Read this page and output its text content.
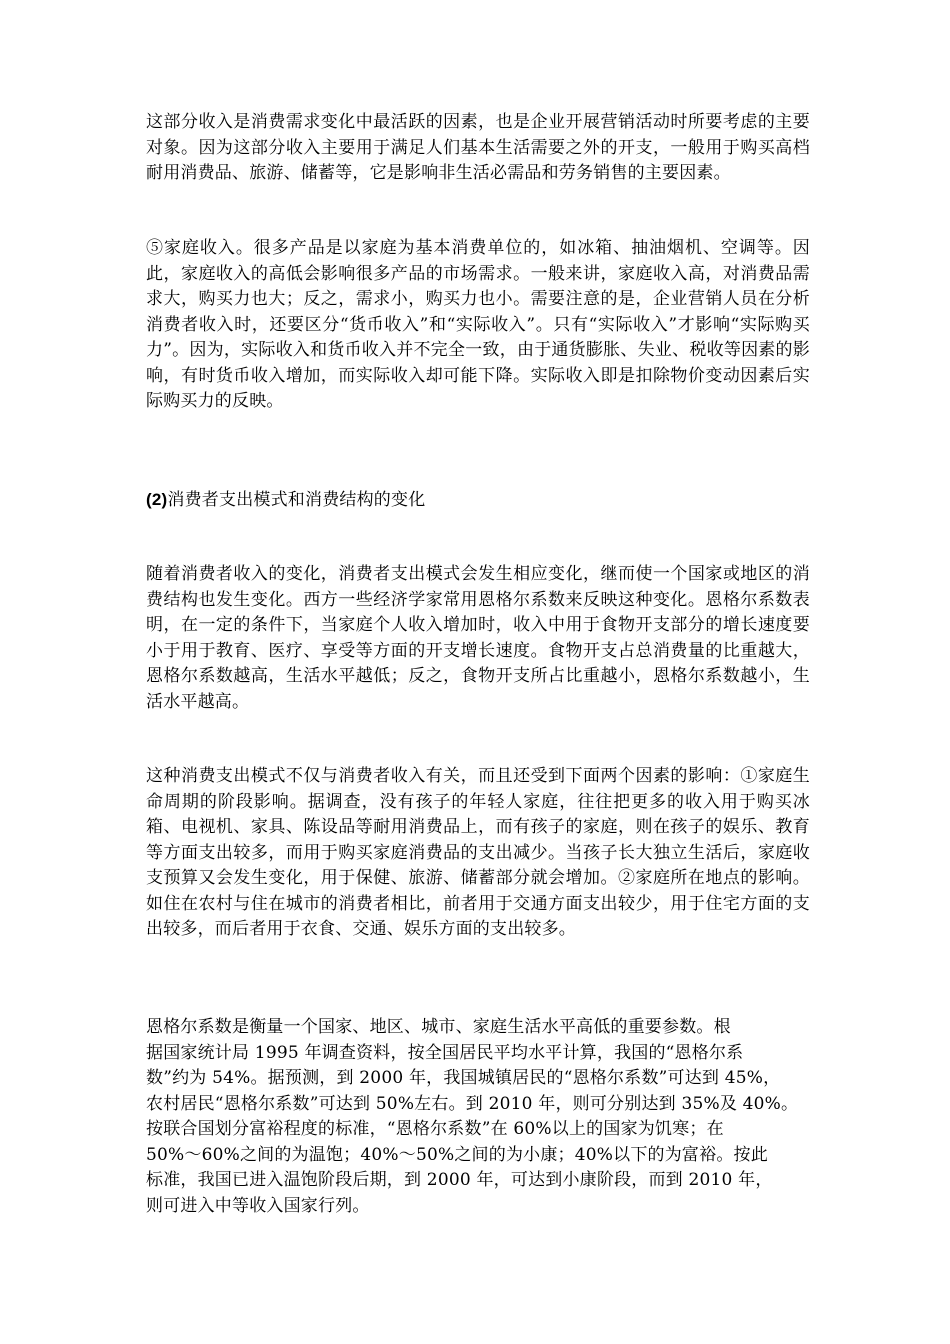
这部分收入是消费需求变化中最活跃的因素，也是企业开展营销活动时所要考虑的主要对象。因为这部分收入主要用于满足人们基本生活需要之外的开支，一般用于购买高档耐用消费品、旅游、储蓄等，它是影响非生活必需品和劳务销售的主要因素。

⑤家庭收入。很多产品是以家庭为基本消费单位的，如冰箱、抽油烟机、空调等。因此，家庭收入的高低会影响很多产品的市场需求。一般来讲，家庭收入高，对消费品需求大，购买力也大；反之，需求小，购买力也小。需要注意的是，企业营销人员在分析消费者收入时，还要区分“货币收入”和“实际收入”。只有“实际收入”才影响“实际购买力”。因为，实际收入和货币收入并不完全一致，由于通货膨胀、失业、税收等因素的影响，有时货币收入增加，而实际收入却可能下降。实际收入即是扣除物价变动因素后实际购买力的反映。

(2)消费者支出模式和消费结构的变化

随着消费者收入的变化，消费者支出模式会发生相应变化，继而使一个国家或地区的消费结构也发生变化。西方一些经济学家常用恩格尔系数来反映这种变化。恩格尔系数表明，在一定的条件下，当家庭个人收入增加时，收入中用于食物开支部分的增长速度要小于用于教育、医疗、享受等方面的开支增长速度。食物开支占总消费量的比重越大，恩格尔系数越高，生活水平越低；反之，食物开支所占比重越小，恩格尔系数越小，生活水平越高。

这种消费支出模式不仅与消费者收入有关，而且还受到下面两个因素的影响：①家庭生命周期的阶段影响。据调查，没有孩子的年轻人家庭，往往把更多的收入用于购买冰箱、电视机、家具、陈设品等耐用消费品上，而有孩子的家庭，则在孩子的娱乐、教育等方面支出较多，而用于购买家庭消费品的支出减少。当孩子长大独立生活后，家庭收支预算又会发生变化，用于保健、旅游、储蓄部分就会增加。②家庭所在地点的影响。如住在农村与住在城市的消费者相比，前者用于交通方面支出较少，用于住宅方面的支出较多，而后者用于衣食、交通、娱乐方面的支出较多。

恩格尔系数是衡量一个国家、地区、城市、家庭生活水平高低的重要参数。根
据国家统计局 1995 年调查资料，按全国居民平均水平计算，我国的“恩格尔系
数”约为 54%。据预测，到 2000 年，我国城镇居民的“恩格尔系数”可达到 45%，
农村居民“恩格尔系数”可达到 50%左右。到 2010 年，则可分别达到 35%及 40%。
按联合国划分富裕程度的标准，“恩格尔系数”在 60%以上的国家为饥寒；在
50%～60%之间的为温饱；40%～50%之间的为小康；40%以下的为富裕。按此
标准，我国已进入温饱阶段后期，到 2000 年，可达到小康阶段，而到 2010 年，
则可进入中等收入国家行列。
